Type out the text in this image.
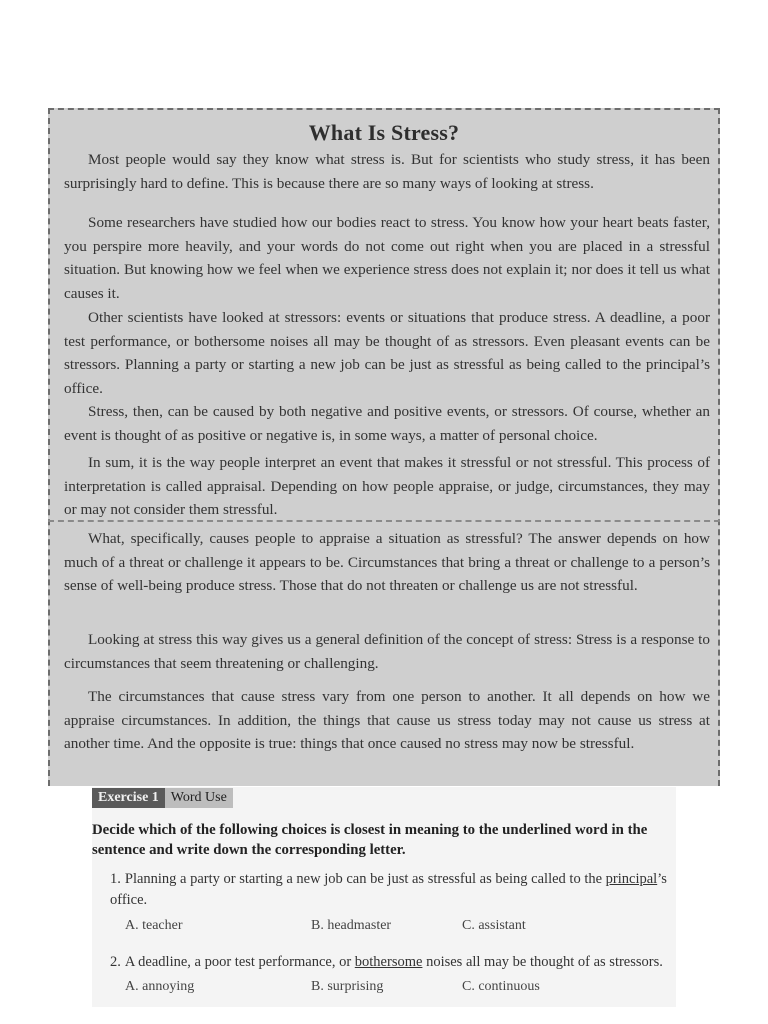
What Is Stress?

Most people would say they know what stress is. But for scientists who study stress, it has been surprisingly hard to define. This is because there are so many ways of looking at stress.

Some researchers have studied how our bodies react to stress. You know how your heart beats faster, you perspire more heavily, and your words do not come out right when you are placed in a stressful situation. But knowing how we feel when we experience stress does not explain it; nor does it tell us what causes it.

Other scientists have looked at stressors: events or situations that produce stress. A deadline, a poor test performance, or bothersome noises all may be thought of as stressors. Even pleasant events can be stressors. Planning a party or starting a new job can be just as stressful as being called to the principal’s office.

Stress, then, can be caused by both negative and positive events, or stressors. Of course, whether an event is thought of as positive or negative is, in some ways, a matter of personal choice.

In sum, it is the way people interpret an event that makes it stressful or not stressful. This process of interpretation is called appraisal. Depending on how people appraise, or judge, circumstances, they may or may not consider them stressful.

What, specifically, causes people to appraise a situation as stressful? The answer depends on how much of a threat or challenge it appears to be. Circumstances that bring a threat or challenge to a person’s sense of well-being produce stress. Those that do not threaten or challenge us are not stressful.

Looking at stress this way gives us a general definition of the concept of stress: Stress is a response to circumstances that seem threatening or challenging.

The circumstances that cause stress vary from one person to another. It all depends on how we appraise circumstances. In addition, the things that cause us stress today may not cause us stress at another time. And the opposite is true: things that once caused no stress may now be stressful.

Exercise 1 Word Use
Decide which of the following choices is closest in meaning to the underlined word in the sentence and write down the corresponding letter.
1. Planning a party or starting a new job can be just as stressful as being called to the principal’s office.
A. teacher	B. headmaster	C. assistant
2. A deadline, a poor test performance, or bothersome noises all may be thought of as stressors.
A. annoying	B. surprising	C. continuous
